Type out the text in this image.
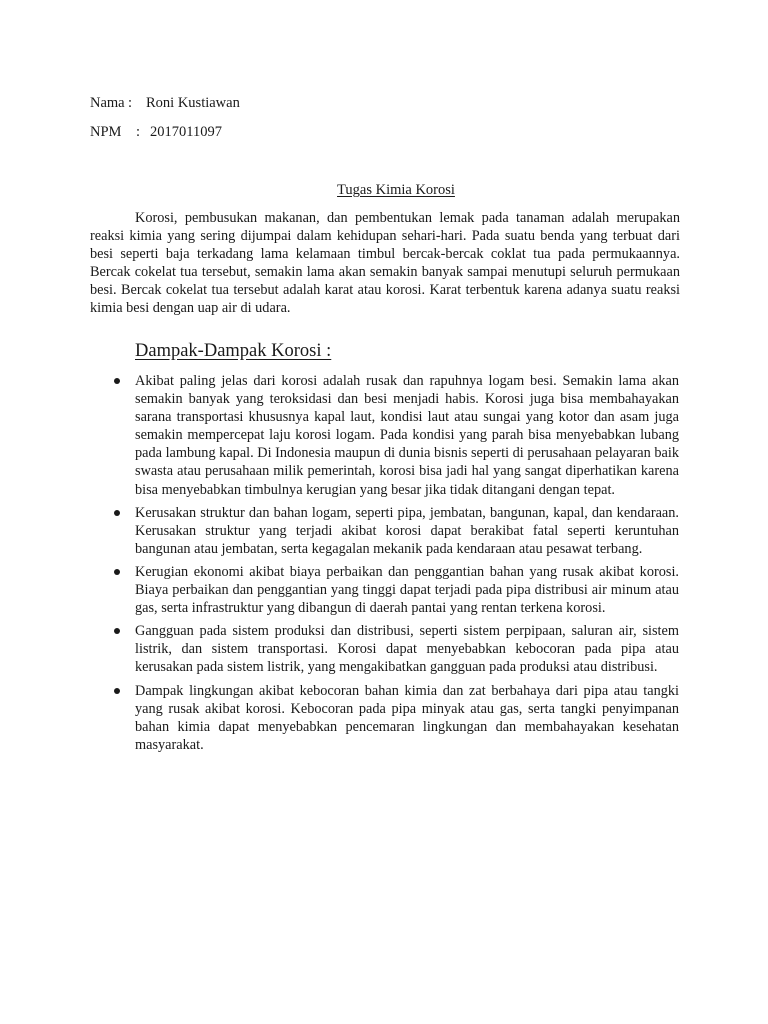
Nama : Roni Kustiawan
NPM : 2017011097
Tugas Kimia Korosi

Korosi, pembusukan makanan, dan pembentukan lemak pada tanaman adalah merupakan reaksi kimia yang sering dijumpai dalam kehidupan sehari-hari. Pada suatu benda yang terbuat dari besi seperti baja terkadang lama kelamaan timbul bercak-bercak coklat tua pada permukaannya. Bercak cokelat tua tersebut, semakin lama akan semakin banyak sampai menutupi seluruh permukaan besi. Bercak cokelat tua tersebut adalah karat atau korosi. Karat terbentuk karena adanya suatu reaksi kimia besi dengan uap air di udara.

Dampak-Dampak Korosi :
Akibat paling jelas dari korosi adalah rusak dan rapuhnya logam besi. Semakin lama akan semakin banyak yang teroksidasi dan besi menjadi habis. Korosi juga bisa membahayakan sarana transportasi khususnya kapal laut, kondisi laut atau sungai yang kotor dan asam juga semakin mempercepat laju korosi logam. Pada kondisi yang parah bisa menyebabkan lubang pada lambung kapal. Di Indonesia maupun di dunia bisnis seperti di perusahaan pelayaran baik swasta atau perusahaan milik pemerintah, korosi bisa jadi hal yang sangat diperhatikan karena bisa menyebabkan timbulnya kerugian yang besar jika tidak ditangani dengan tepat.
Kerusakan struktur dan bahan logam, seperti pipa, jembatan, bangunan, kapal, dan kendaraan. Kerusakan struktur yang terjadi akibat korosi dapat berakibat fatal seperti keruntuhan bangunan atau jembatan, serta kegagalan mekanik pada kendaraan atau pesawat terbang.
Kerugian ekonomi akibat biaya perbaikan dan penggantian bahan yang rusak akibat korosi. Biaya perbaikan dan penggantian yang tinggi dapat terjadi pada pipa distribusi air minum atau gas, serta infrastruktur yang dibangun di daerah pantai yang rentan terkena korosi.
Gangguan pada sistem produksi dan distribusi, seperti sistem perpipaan, saluran air, sistem listrik, dan sistem transportasi. Korosi dapat menyebabkan kebocoran pada pipa atau kerusakan pada sistem listrik, yang mengakibatkan gangguan pada produksi atau distribusi.
Dampak lingkungan akibat kebocoran bahan kimia dan zat berbahaya dari pipa atau tangki yang rusak akibat korosi. Kebocoran pada pipa minyak atau gas, serta tangki penyimpanan bahan kimia dapat menyebabkan pencemaran lingkungan dan membahayakan kesehatan masyarakat.
